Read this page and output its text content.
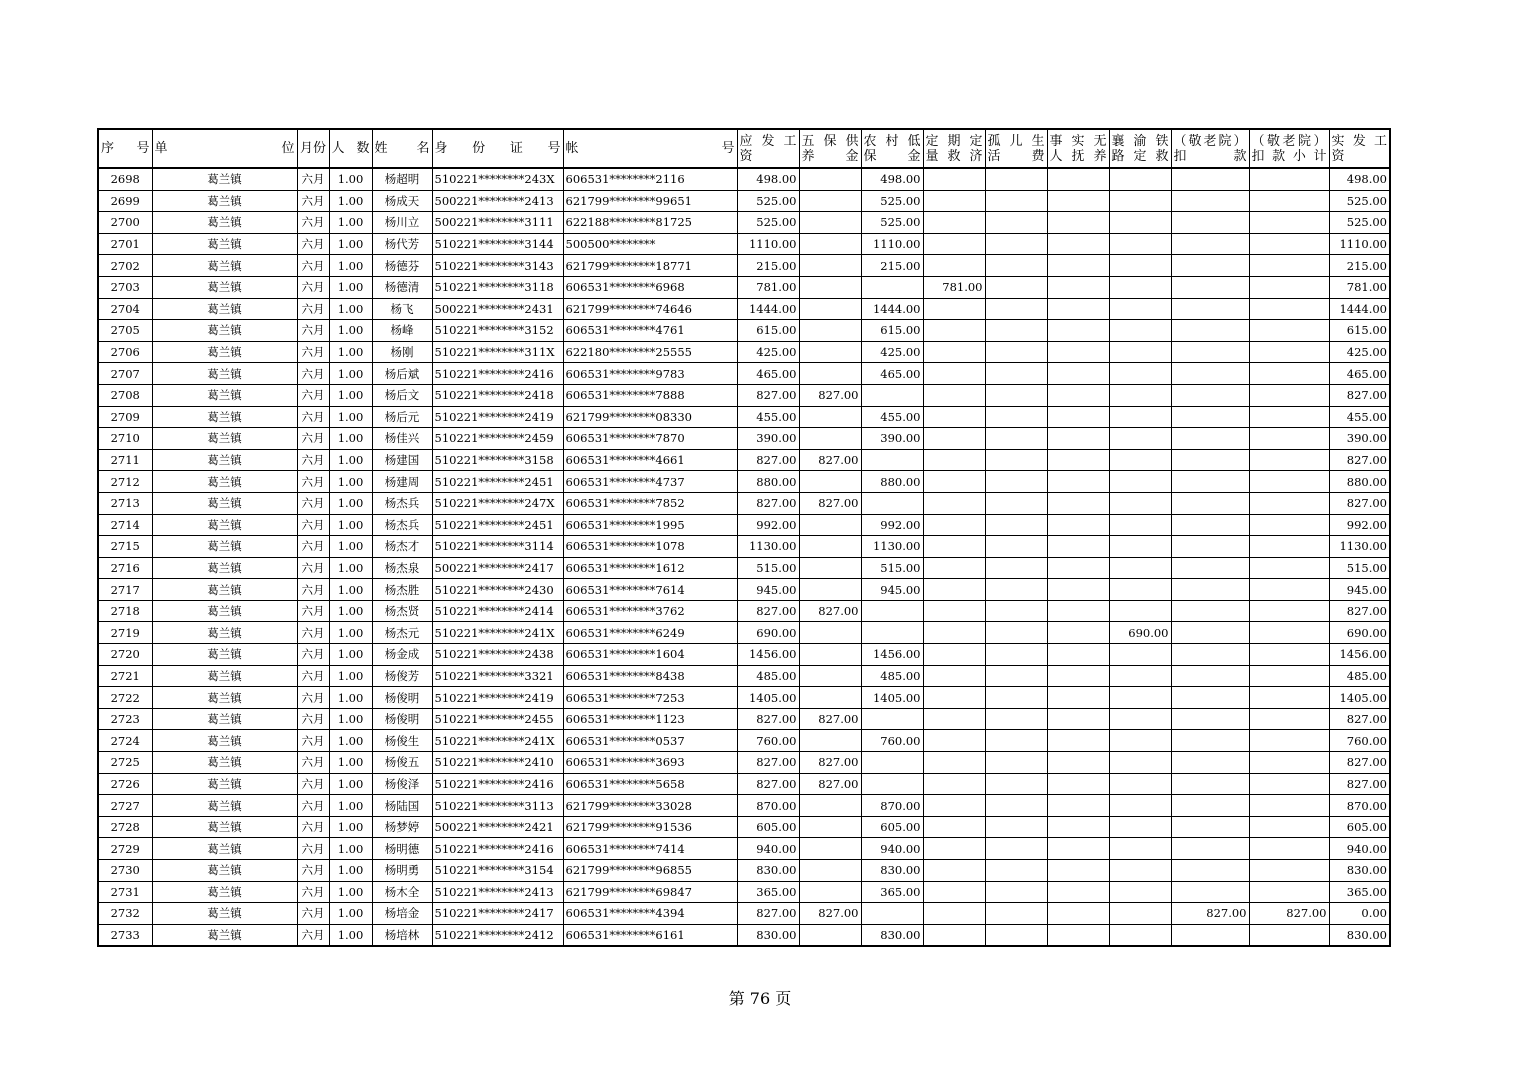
序 号	单 位	月份	人 数	姓 名	身 份 证 号	帐 号	应 发 工 资	五 保 供 养 金	农 村 低 保 金	定 期 定 量 救 济	孤 儿 生 活 费	事 实 无 人 抚 养	襄 渝 铁 路 定 救	（敬老院）扣 款	（敬老院）扣 款 小 计	实 发 工 资

2698	葛兰镇	六月	1.00	杨超明	510221********243X	606531********2116	498.00		498.00							498.00
2699	葛兰镇	六月	1.00	杨成天	500221********2413	621799********99651	525.00		525.00							525.00
2700	葛兰镇	六月	1.00	杨川立	500221********3111	622188********81725	525.00		525.00							525.00
2701	葛兰镇	六月	1.00	杨代芳	510221********3144	500500********	1110.00		1110.00							1110.00
2702	葛兰镇	六月	1.00	杨德芬	510221********3143	621799********18771	215.00		215.00							215.00
2703	葛兰镇	六月	1.00	杨德清	510221********3118	606531********6968	781.00			781.00						781.00
2704	葛兰镇	六月	1.00	杨飞	500221********2431	621799********74646	1444.00		1444.00							1444.00
2705	葛兰镇	六月	1.00	杨峰	510221********3152	606531********4761	615.00		615.00							615.00
2706	葛兰镇	六月	1.00	杨刚	510221********311X	622180********25555	425.00		425.00							425.00
2707	葛兰镇	六月	1.00	杨后斌	510221********2416	606531********9783	465.00		465.00							465.00
2708	葛兰镇	六月	1.00	杨后文	510221********2418	606531********7888	827.00	827.00								827.00
2709	葛兰镇	六月	1.00	杨后元	510221********2419	621799********08330	455.00		455.00							455.00
2710	葛兰镇	六月	1.00	杨佳兴	510221********2459	606531********7870	390.00		390.00							390.00
2711	葛兰镇	六月	1.00	杨建国	510221********3158	606531********4661	827.00	827.00								827.00
2712	葛兰镇	六月	1.00	杨建周	510221********2451	606531********4737	880.00		880.00							880.00
2713	葛兰镇	六月	1.00	杨杰兵	510221********247X	606531********7852	827.00	827.00								827.00
2714	葛兰镇	六月	1.00	杨杰兵	510221********2451	606531********1995	992.00		992.00							992.00
2715	葛兰镇	六月	1.00	杨杰才	510221********3114	606531********1078	1130.00		1130.00							1130.00
2716	葛兰镇	六月	1.00	杨杰泉	500221********2417	606531********1612	515.00		515.00							515.00
2717	葛兰镇	六月	1.00	杨杰胜	510221********2430	606531********7614	945.00		945.00							945.00
2718	葛兰镇	六月	1.00	杨杰贤	510221********2414	606531********3762	827.00	827.00								827.00
2719	葛兰镇	六月	1.00	杨杰元	510221********241X	606531********6249	690.00						690.00			690.00
2720	葛兰镇	六月	1.00	杨金成	510221********2438	606531********1604	1456.00		1456.00							1456.00
2721	葛兰镇	六月	1.00	杨俊芳	510221********3321	606531********8438	485.00		485.00							485.00
2722	葛兰镇	六月	1.00	杨俊明	510221********2419	606531********7253	1405.00		1405.00							1405.00
2723	葛兰镇	六月	1.00	杨俊明	510221********2455	606531********1123	827.00	827.00								827.00
2724	葛兰镇	六月	1.00	杨俊生	510221********241X	606531********0537	760.00		760.00							760.00
2725	葛兰镇	六月	1.00	杨俊五	510221********2410	606531********3693	827.00	827.00								827.00
2726	葛兰镇	六月	1.00	杨俊泽	510221********2416	606531********5658	827.00	827.00								827.00
2727	葛兰镇	六月	1.00	杨陆国	510221********3113	621799********33028	870.00		870.00							870.00
2728	葛兰镇	六月	1.00	杨梦婷	500221********2421	621799********91536	605.00		605.00							605.00
2729	葛兰镇	六月	1.00	杨明德	510221********2416	606531********7414	940.00		940.00							940.00
2730	葛兰镇	六月	1.00	杨明勇	510221********3154	621799********96855	830.00		830.00							830.00
2731	葛兰镇	六月	1.00	杨木全	510221********2413	621799********69847	365.00		365.00							365.00
2732	葛兰镇	六月	1.00	杨培金	510221********2417	606531********4394	827.00	827.00						827.00	827.00	0.00
2733	葛兰镇	六月	1.00	杨培林	510221********2412	606531********6161	830.00		830.00							830.00
第 76 页
